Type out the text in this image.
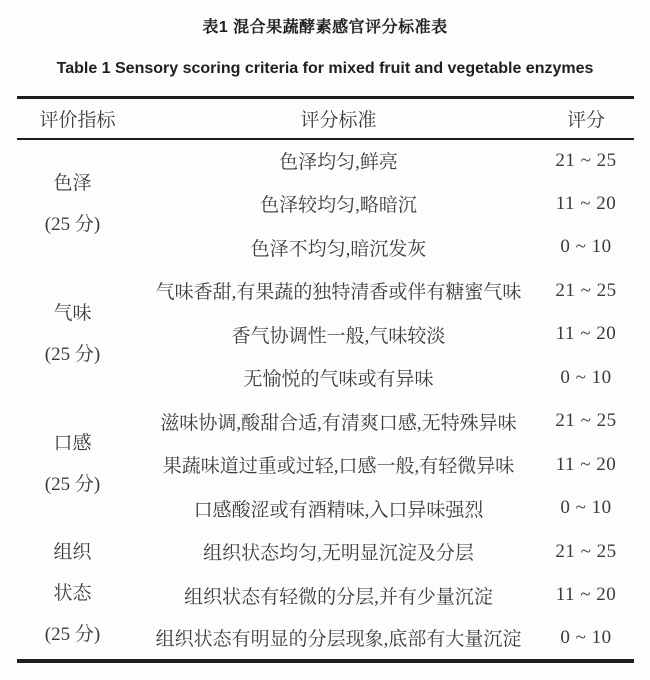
表1 混合果蔬酵素感官评分标准表
Table 1 Sensory scoring criteria for mixed fruit and vegetable enzymes
评价指标	评分标准	评分

色泽
(25 分)	色泽均匀,鲜亮	21 ~ 25
	色泽较均匀,略暗沉	11 ~ 20
	色泽不均匀,暗沉发灰	0 ~ 10

气味
(25 分)	气味香甜,有果蔬的独特清香或伴有糖蜜气味	21 ~ 25
	香气协调性一般,气味较淡	11 ~ 20
	无愉悦的气味或有异味	0 ~ 10

口感
(25 分)	滋味协调,酸甜合适,有清爽口感,无特殊异味	21 ~ 25
	果蔬味道过重或过轻,口感一般,有轻微异味	11 ~ 20
	口感酸涩或有酒精味,入口异味强烈	0 ~ 10

组织
状态
(25 分)	组织状态均匀,无明显沉淀及分层	21 ~ 25
	组织状态有轻微的分层,并有少量沉淀	11 ~ 20
	组织状态有明显的分层现象,底部有大量沉淀	0 ~ 10
